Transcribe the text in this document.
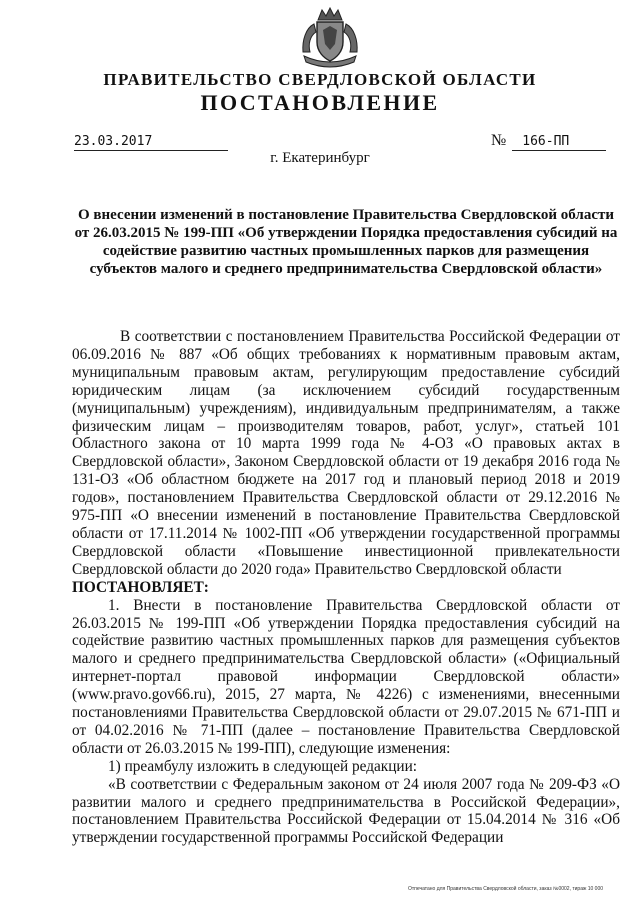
ПРАВИТЕЛЬСТВО СВЕРДЛОВСКОЙ ОБЛАСТИ
ПОСТАНОВЛЕНИЕ
23.03.2017	№ 166-ПП
г. Екатеринбург
О внесении изменений в постановление Правительства Свердловской области от 26.03.2015 № 199-ПП «Об утверждении Порядка предоставления субсидий на содействие развитию частных промышленных парков для размещения субъектов малого и среднего предпринимательства Свердловской области»

В соответствии с постановлением Правительства Российской Федерации от 06.09.2016 № 887 «Об общих требованиях к нормативным правовым актам, муниципальным правовым актам, регулирующим предоставление субсидий юридическим лицам (за исключением субсидий государственным (муниципальным) учреждениям), индивидуальным предпринимателям, а также физическим лицам – производителям товаров, работ, услуг», статьей 101 Областного закона от 10 марта 1999 года № 4-ОЗ «О правовых актах в Свердловской области», Законом Свердловской области от 19 декабря 2016 года № 131-ОЗ «Об областном бюджете на 2017 год и плановый период 2018 и 2019 годов», постановлением Правительства Свердловской области от 29.12.2016 № 975-ПП «О внесении изменений в постановление Правительства Свердловской области от 17.11.2014 № 1002-ПП «Об утверждении государственной программы Свердловской области «Повышение инвестиционной привлекательности Свердловской области до 2020 года» Правительство Свердловской области

ПОСТАНОВЛЯЕТ:

1. Внести в постановление Правительства Свердловской области от 26.03.2015 № 199-ПП «Об утверждении Порядка предоставления субсидий на содействие развитию частных промышленных парков для размещения субъектов малого и среднего предпринимательства Свердловской области» («Официальный интернет-портал правовой информации Свердловской области» (www.pravo.gov66.ru), 2015, 27 марта, № 4226) с изменениями, внесенными постановлениями Правительства Свердловской области от 29.07.2015 № 671-ПП и от 04.02.2016 № 71-ПП (далее – постановление Правительства Свердловской области от 26.03.2015 № 199-ПП), следующие изменения:

1) преамбулу изложить в следующей редакции:

«В соответствии с Федеральным законом от 24 июля 2007 года № 209-ФЗ «О развитии малого и среднего предпринимательства в Российской Федерации», постановлением Правительства Российской Федерации от 15.04.2014 № 316 «Об утверждении государственной программы Российской Федерации

Отпечатано для Правительства Свердловской области, заказ №0002, тираж 10 000
